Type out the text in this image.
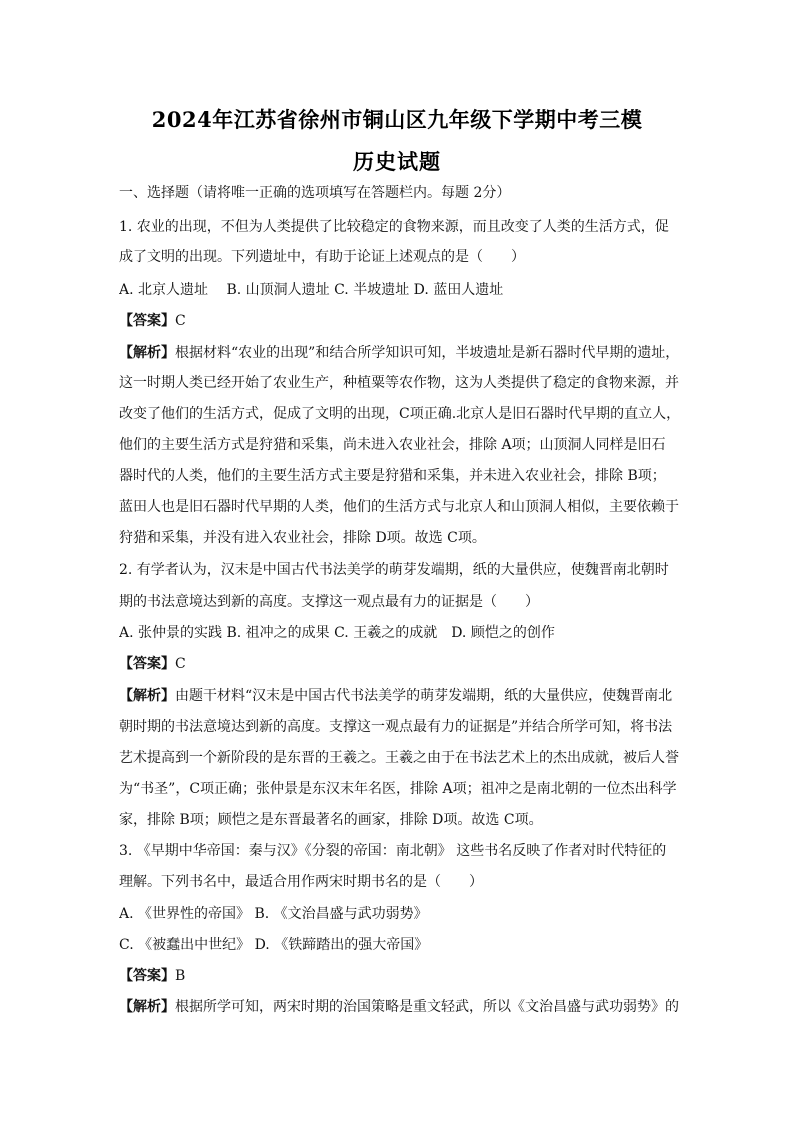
2024年江苏省徐州市铜山区九年级下学期中考三模
历史试题
一、选择题（请将唯一正确的选项填写在答题栏内。每题 2分）
1. 农业的出现，不但为人类提供了比较稳定的食物来源，而且改变了人类的生活方式，促
成了文明的出现。下列遗址中，有助于论证上述观点的是（　　）
A. 北京人遗址　 B. 山顶洞人遗址 C. 半坡遗址 D. 蓝田人遗址
【答案】C
【解析】根据材料“农业的出现”和结合所学知识可知，半坡遗址是新石器时代早期的遗址，
这一时期人类已经开始了农业生产，种植粟等农作物，这为人类提供了稳定的食物来源，并
改变了他们的生活方式，促成了文明的出现，C项正确.北京人是旧石器时代早期的直立人，
他们的主要生活方式是狩猎和采集，尚未进入农业社会，排除 A项；山顶洞人同样是旧石
器时代的人类，他们的主要生活方式主要是狩猎和采集，并未进入农业社会，排除 B项；
蓝田人也是旧石器时代早期的人类，他们的生活方式与北京人和山顶洞人相似，主要依赖于
狩猎和采集，并没有进入农业社会，排除 D项。故选 C项。
2. 有学者认为，汉末是中国古代书法美学的萌芽发端期，纸的大量供应，使魏晋南北朝时
期的书法意境达到新的高度。支撑这一观点最有力的证据是（　　）
A. 张仲景的实践 B. 祖冲之的成果 C. 王羲之的成就　D. 顾恺之的创作
【答案】C
【解析】由题干材料“汉末是中国古代书法美学的萌芽发端期，纸的大量供应，使魏晋南北
朝时期的书法意境达到新的高度。支撑这一观点最有力的证据是”并结合所学可知，将书法
艺术提高到一个新阶段的是东晋的王羲之。王羲之由于在书法艺术上的杰出成就，被后人誉
为“书圣”，C项正确；张仲景是东汉末年名医，排除 A项；祖冲之是南北朝的一位杰出科学
家，排除 B项；顾恺之是东晋最著名的画家，排除 D项。故选 C项。
3. 《早期中华帝国：秦与汉》《分裂的帝国：南北朝》 这些书名反映了作者对时代特征的
理解。下列书名中，最适合用作两宋时期书名的是（　　）
A. 《世界性的帝国》 B. 《文治昌盛与武功弱势》
C. 《被蠢出中世纪》 D. 《铁蹄踏出的强大帝国》
【答案】B
【解析】根据所学可知，两宋时期的治国策略是重文轻武，所以《文治昌盛与武功弱势》的
